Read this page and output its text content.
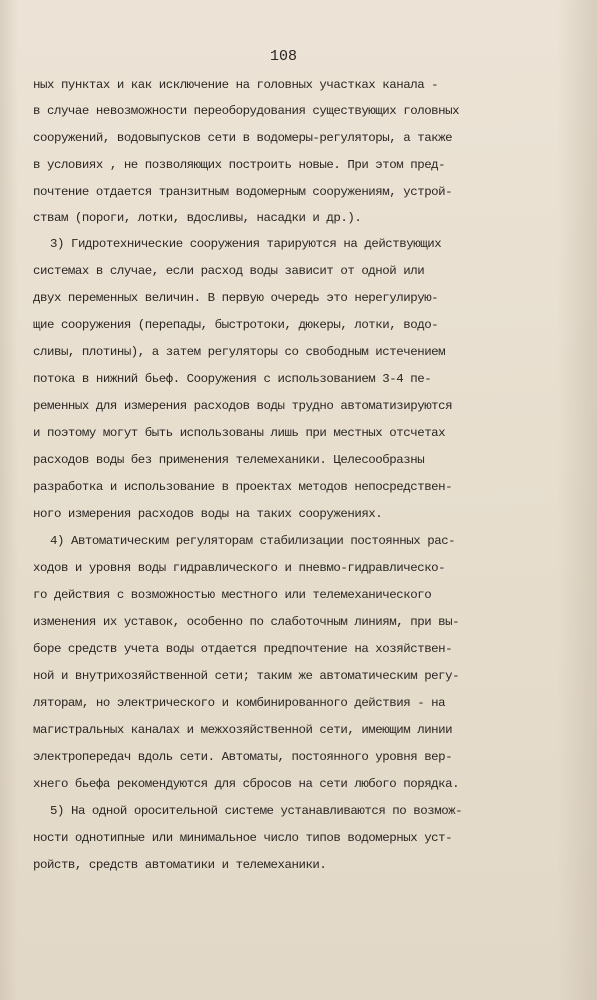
108
ных пунктах и как исключение на головных участках канала -
в случае невозможности переоборудования существующих головных
сооружений, водовыпусков сети в водомеры-регуляторы, а также
в условиях , не позволяющих построить новые. При этом пред-
почтение отдается транзитным водомерным сооружениям, устрой-
ствам (пороги, лотки, вдосливы, насадки и др.).
3) Гидротехнические сооружения тарируются на действующих
системах в случае, если расход воды зависит от одной или
двух переменных величин. В первую очередь это нерегулирую-
щие сооружения (перепады, быстротоки, дюкеры, лотки, водо-
сливы, плотины), а затем регуляторы со свободным истечением
потока в нижний бьеф. Сооружения с использованием 3-4 пе-
ременных для измерения расходов воды трудно автоматизируются
и поэтому могут быть использованы лишь при местных отсчетах
расходов воды без применения телемеханики. Целесообразны
разработка и использование в проектах методов непосредствен-
ного измерения расходов воды на таких сооружениях.
4) Автоматическим регуляторам стабилизации постоянных рас-
ходов и уровня воды гидравлического и пневмо-гидравлическо-
го действия с возможностью местного или телемеханического
изменения их уставок, особенно по слаботочным линиям, при вы-
боре средств учета воды отдается предпочтение на хозяйствен-
ной и внутрихозяйственной сети; таким же автоматическим регу-
ляторам, но электрического и комбинированного действия - на
магистральных каналах и межхозяйственной сети, имеющим линии
электропередач вдоль сети. Автоматы, постоянного уровня вер-
хнего бьефа рекомендуются для сбросов на сети любого порядка.
5) На одной оросительной системе устанавливаются по возмож-
ности однотипные или минимальное число типов водомерных уст-
ройств, средств автоматики и телемеханики.
